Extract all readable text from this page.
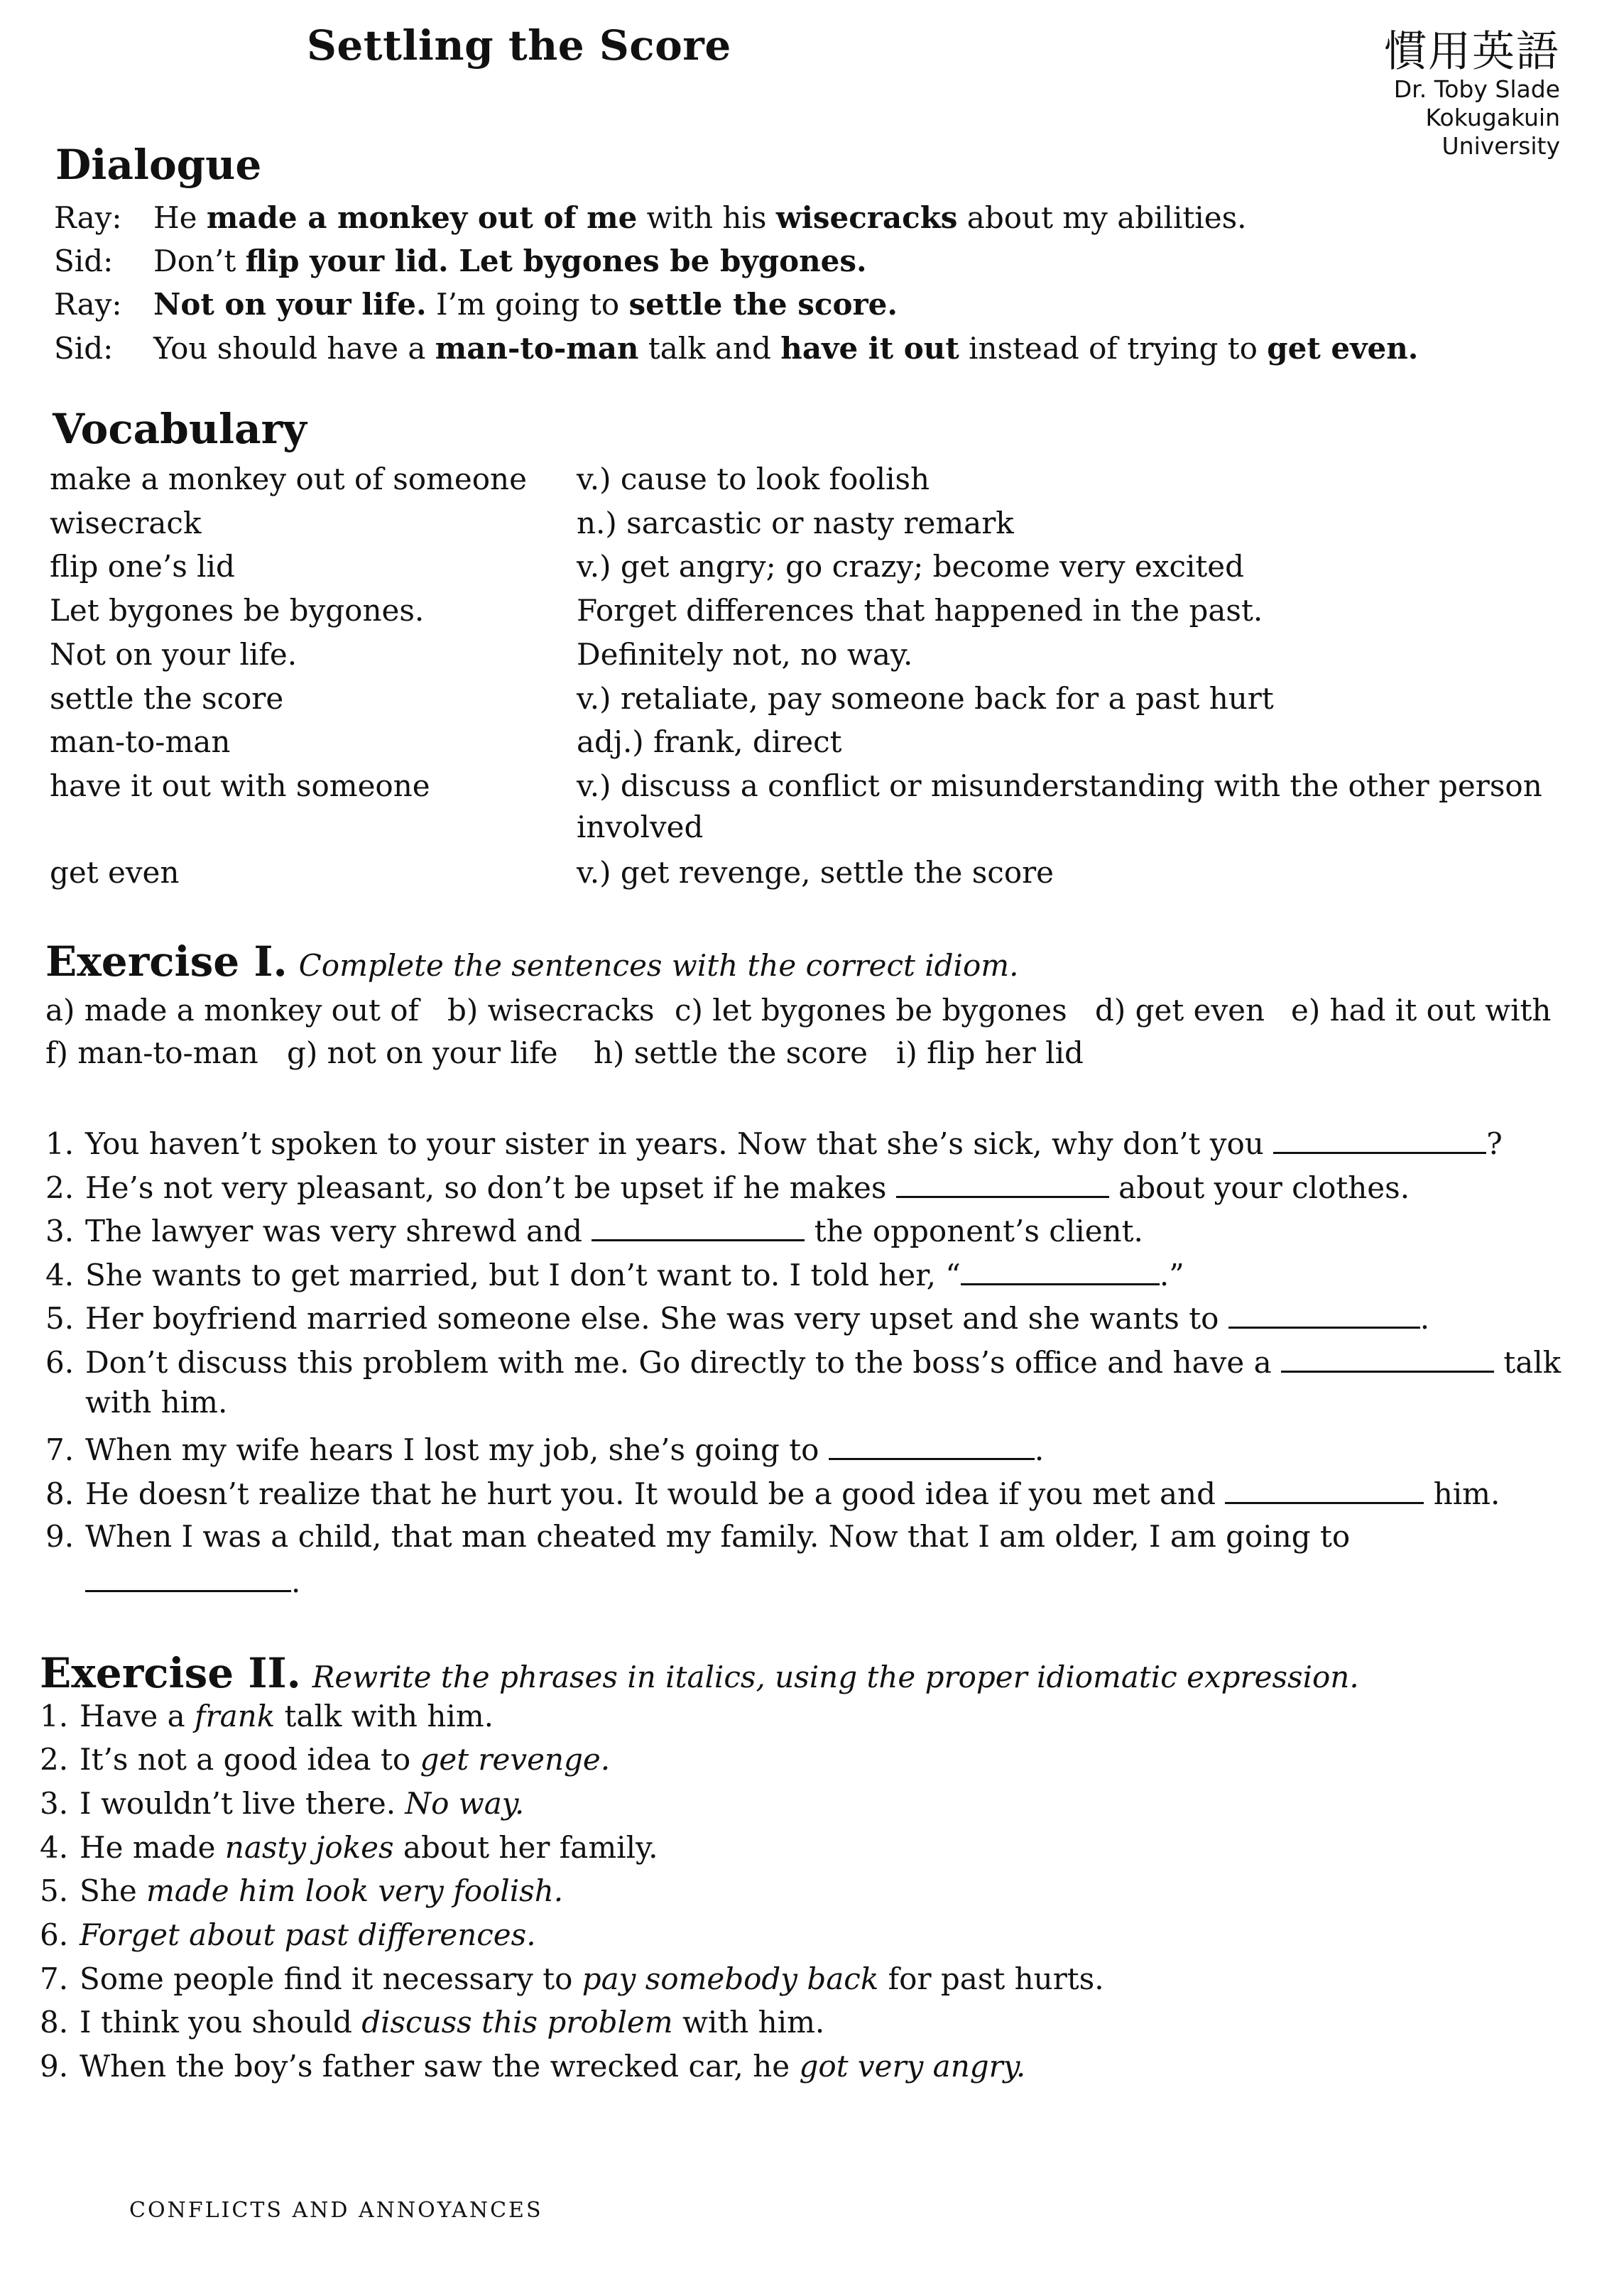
Settling the Score	慣用英語
Dr. Toby Slade
Kokugakuin
University
Dialogue
Ray: He made a monkey out of me with his wisecracks about my abilities.
Sid: Don’t flip your lid. Let bygones be bygones.
Ray: Not on your life. I’m going to settle the score.
Sid: You should have a man-to-man talk and have it out instead of trying to get even.
Vocabulary
make a monkey out of someone v.) cause to look foolish
wisecrack	n.) sarcastic or nasty remark
flip one’s lid	v.) get angry; go crazy; become very excited
Let bygones be bygones.	Forget differences that happened in the past.
Not on your life.	Definitely not, no way.
settle the score	v.) retaliate, pay someone back for a past hurt
man-to-man	adj.) frank, direct
have it out with someone	v.) discuss a conflict or misunderstanding with the other person
involved
get even	v.) get revenge, settle the score
Exercise I. Complete the sentences with the correct idiom.
a) made a monkey out of b) wisecracks c) let bygones be bygones d) get even e) had it out with
f) man-to-man g) not on your life h) settle the score i) flip her lid
1. You haven’t spoken to your sister in years. Now that she’s sick, why don’t you	?
2. He’s not very pleasant, so don’t be upset if he makes	about your clothes.
3. The lawyer was very shrewd and	the opponent’s client.
4. She wants to get married, but I don’t want to. I told her, “	.”
5. Her boyfriend married someone else. She was very upset and she wants to	.
6. Don’t discuss this problem with me. Go directly to the boss’s office and have a	talk
with him.
7. When my wife hears I lost my job, she’s going to	.
8. He doesn’t realize that he hurt you. It would be a good idea if you met and	him.
9. When I was a child, that man cheated my family. Now that I am older, I am going to
.
Exercise II. Rewrite the phrases in italics, using the proper idiomatic expression.
1. Have a frank talk with him.
2. It’s not a good idea to get revenge.
3. I wouldn’t live there. No way.
4. He made nasty jokes about her family.
5. She made him look very foolish.
6. Forget about past differences.
7. Some people find it necessary to pay somebody back for past hurts.
8. I think you should discuss this problem with him.
9. When the boy’s father saw the wrecked car, he got very angry.
CONFLICTS AND ANNOYANCES
